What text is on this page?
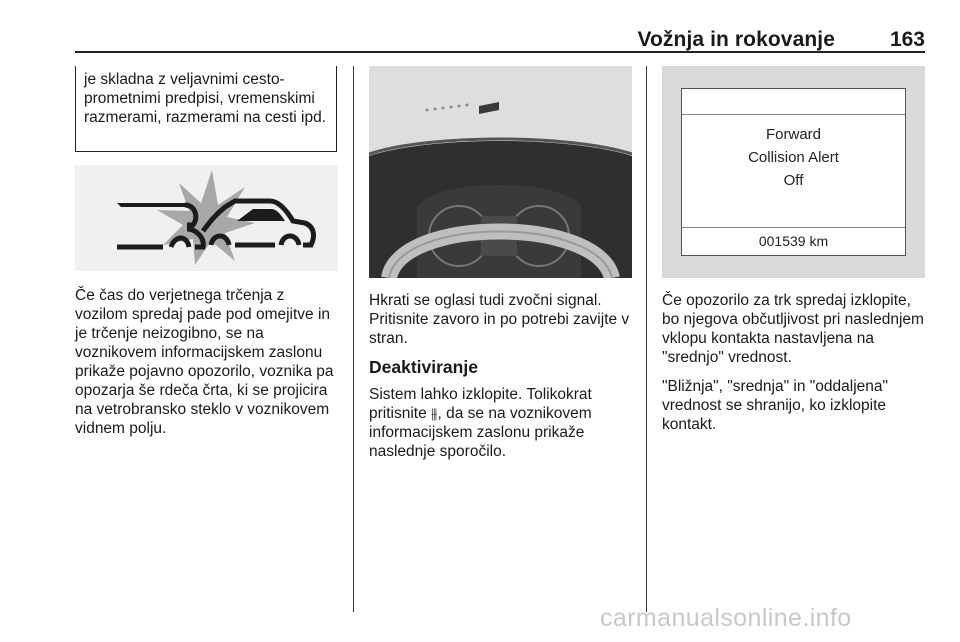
Vožnja in rokovanje	163
je skladna z veljavnimi cesto-prometnimi predpisi, vremenskimi razmerami, razmerami na cesti ipd.

Če čas do verjetnega trčenja z vozilom spredaj pade pod omejitve in je trčenje neizogibno, se na voznikovem informacijskem zaslonu prikaže pojavno opozorilo, voznika pa opozarja še rdeča črta, ki se projicira na vetrobransko steklo v voznikovem vidnem polju.

Hkrati se oglasi tudi zvočni signal. Pritisnite zavoro in po potrebi zavijte v stran.

Deaktiviranje

Sistem lahko izklopite. Tolikokrat pritisnite ⫵, da se na voznikovem informacijskem zaslonu prikaže naslednje sporočilo.

Forward
Collision Alert
Off
001539 km

Če opozorilo za trk spredaj izklopite, bo njegova občutljivost pri naslednjem vklopu kontakta nastavljena na "srednjo" vrednost.

"Bližnja", "srednja" in "oddaljena" vrednost se shranijo, ko izklopite kontakt.

carmanualsonline.info
